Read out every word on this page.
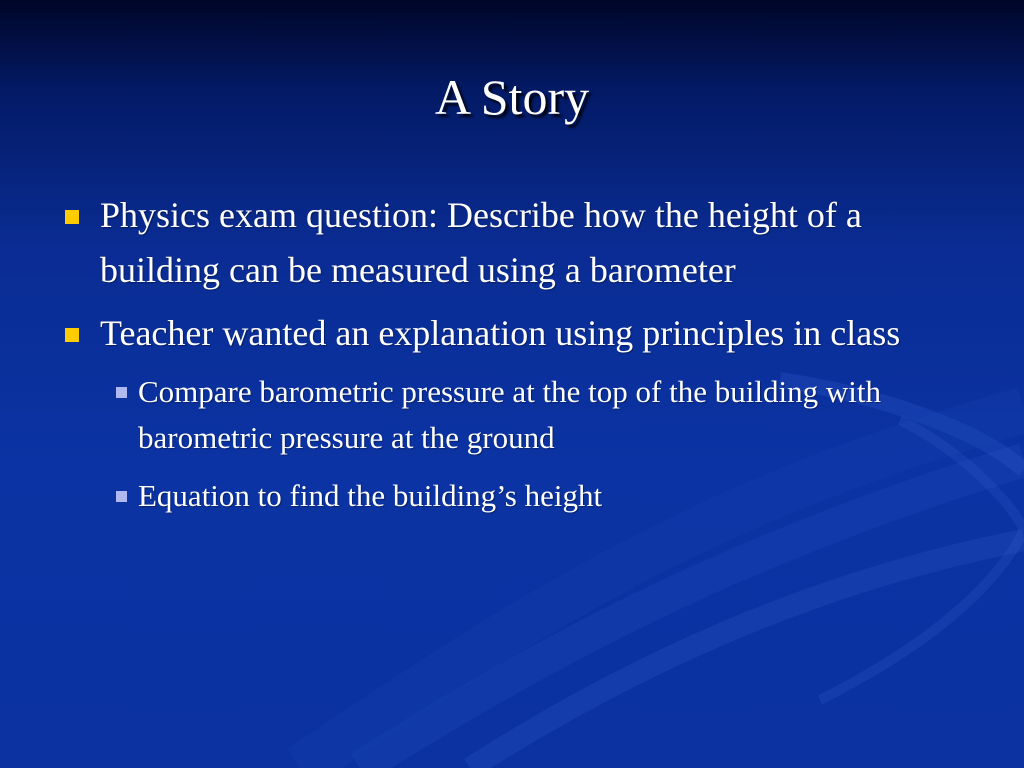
A Story
Physics exam question: Describe how the height of a building can be measured using a barometer
Teacher wanted an explanation using principles in class
Compare barometric pressure at the top of the building with barometric pressure at the ground
Equation to find the building’s height
